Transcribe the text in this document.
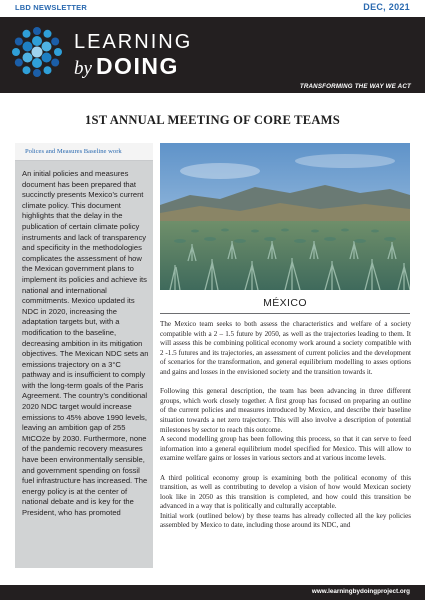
LBD NEWSLETTER	DEC, 2021
LEARNING
by DOING
TRANSFORMING THE WAY WE ACT
1ST ANNUAL MEETING OF CORE TEAMS
Polices and Measures Baseline work
An initial policies and measures document has been prepared that succinctly presents Mexico’s current climate policy. This document highlights that the delay in the publication of certain climate policy instruments and lack of transparency and specificity in the methodologies complicates the assessment of how the Mexican government plans to implement its policies and achieve its national and international commitments. Mexico updated its NDC in 2020, increasing the adaptation targets but, with a modification to the baseline, decreasing ambition in its mitigation objectives. The Mexican NDC sets an emissions trajectory on a 3°C pathway and is insufficient to comply with the long-term goals of the Paris Agreement. The country’s conditional 2020 NDC target would increase emissions to 45% above 1990 levels, leaving an ambition gap of 255 MtCO2e by 2030. Furthermore, none of the pandemic recovery measures have been environmentally sensible, and government spending on fossil fuel infrastructure has increased. The energy policy is at the center of national debate and is key for the President, who has promoted
MÉXICO

The Mexico team seeks to both assess the characteristics and welfare of a society compatible with a 2 – 1.5 future by 2050, as well as the trajectories leading to them. It will assess this be combining political economy work around a society compatible with 2 -1.5 futures and its trajectories, an assessment of current policies and the development of scenarios for the transformation, and general equilibrium modelling to asses options and gains and losses in the envisioned society and the transition towards it.

Following this general description, the team has been advancing in three different groups, which work closely together. A first group has focused on preparing an outline of the current policies and measures introduced by Mexico, and describe their baseline situation towards a net zero trajectory. This will also involve a description of potential milestones by sector to reach this outcome.

A second modelling group has been following this process, so that it can serve to feed information into a general equilibrium model specified for Mexico. This will allow to examine welfare gains or losses in various sectors and at various income levels.

A third political economy group is examining both the political economy of this transition, as well as contributing to develop a vision of how would Mexican society look like in 2050 as this transition is completed, and how could this transition be advanced in a way that is politically and culturally acceptable.

Initial work (outlined below) by these teams has already collected all the key policies assembled by Mexico to date, including those around its NDC, and

www.learningbydoingproject.org
